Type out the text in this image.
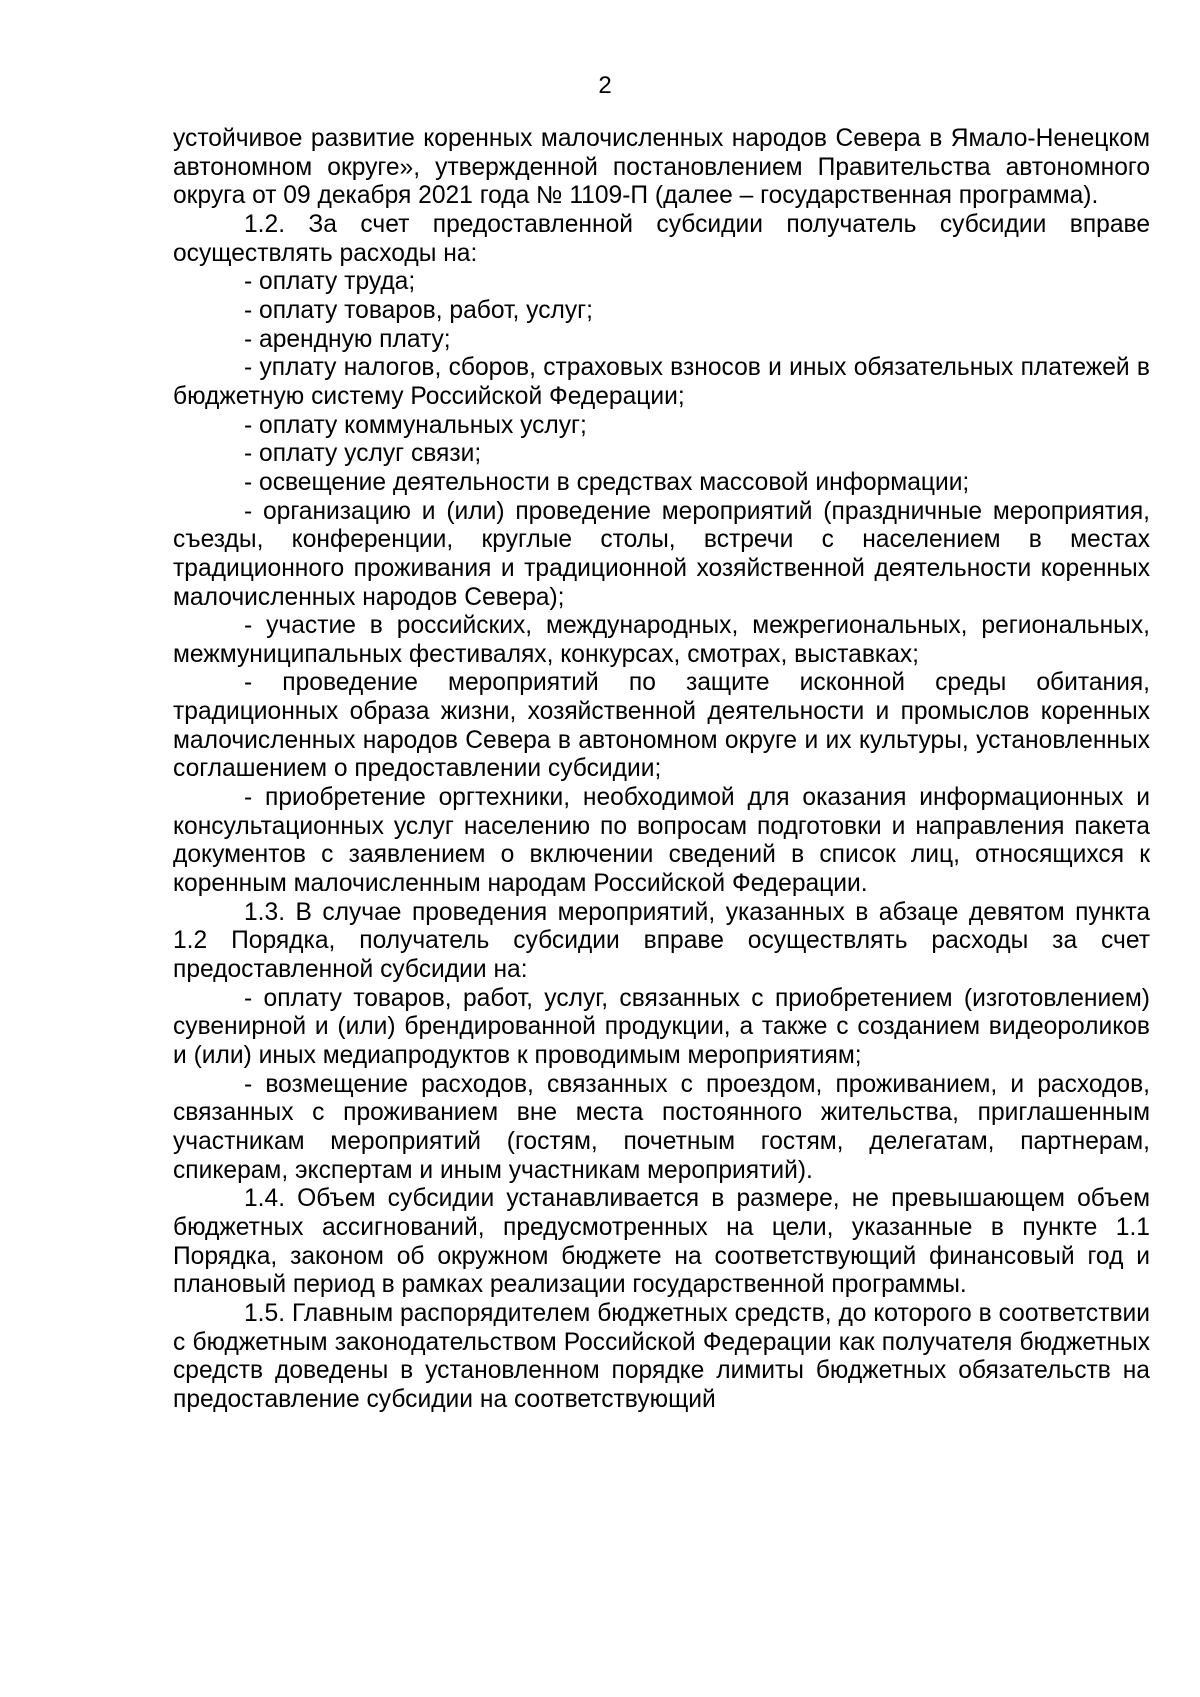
2

устойчивое развитие коренных малочисленных народов Севера в Ямало-Ненецком автономном округе», утвержденной постановлением Правительства автономного округа от 09 декабря 2021 года № 1109-П (далее – государственная программа).

1.2. За счет предоставленной субсидии получатель субсидии вправе осуществлять расходы на:

- оплату труда;

- оплату товаров, работ, услуг;

- арендную плату;

- уплату налогов, сборов, страховых взносов и иных обязательных платежей в бюджетную систему Российской Федерации;

- оплату коммунальных услуг;

- оплату услуг связи;

- освещение деятельности в средствах массовой информации;

- организацию и (или) проведение мероприятий (праздничные мероприятия, съезды, конференции, круглые столы, встречи с населением в местах традиционного проживания и традиционной хозяйственной деятельности коренных малочисленных народов Севера);

- участие в российских, международных, межрегиональных, региональных, межмуниципальных фестивалях, конкурсах, смотрах, выставках;

- проведение мероприятий по защите исконной среды обитания, традиционных образа жизни, хозяйственной деятельности и промыслов коренных малочисленных народов Севера в автономном округе и их культуры, установленных соглашением о предоставлении субсидии;

- приобретение оргтехники, необходимой для оказания информационных и консультационных услуг населению по вопросам подготовки и направления пакета документов с заявлением о включении сведений в список лиц, относящихся к коренным малочисленным народам Российской Федерации.

1.3. В случае проведения мероприятий, указанных в абзаце девятом пункта 1.2 Порядка, получатель субсидии вправе осуществлять расходы за счет предоставленной субсидии на:

- оплату товаров, работ, услуг, связанных с приобретением (изготовлением) сувенирной и (или) брендированной продукции, а также с созданием видеороликов и (или) иных медиапродуктов к проводимым мероприятиям;

- возмещение расходов, связанных с проездом, проживанием, и расходов, связанных с проживанием вне места постоянного жительства, приглашенным участникам мероприятий (гостям, почетным гостям, делегатам, партнерам, спикерам, экспертам и иным участникам мероприятий).

1.4. Объем субсидии устанавливается в размере, не превышающем объем бюджетных ассигнований, предусмотренных на цели, указанные в пункте 1.1 Порядка, законом об окружном бюджете на соответствующий финансовый год и плановый период в рамках реализации государственной программы.

1.5. Главным распорядителем бюджетных средств, до которого в соответствии с бюджетным законодательством Российской Федерации как получателя бюджетных средств доведены в установленном порядке лимиты бюджетных обязательств на предоставление субсидии на соответствующий
